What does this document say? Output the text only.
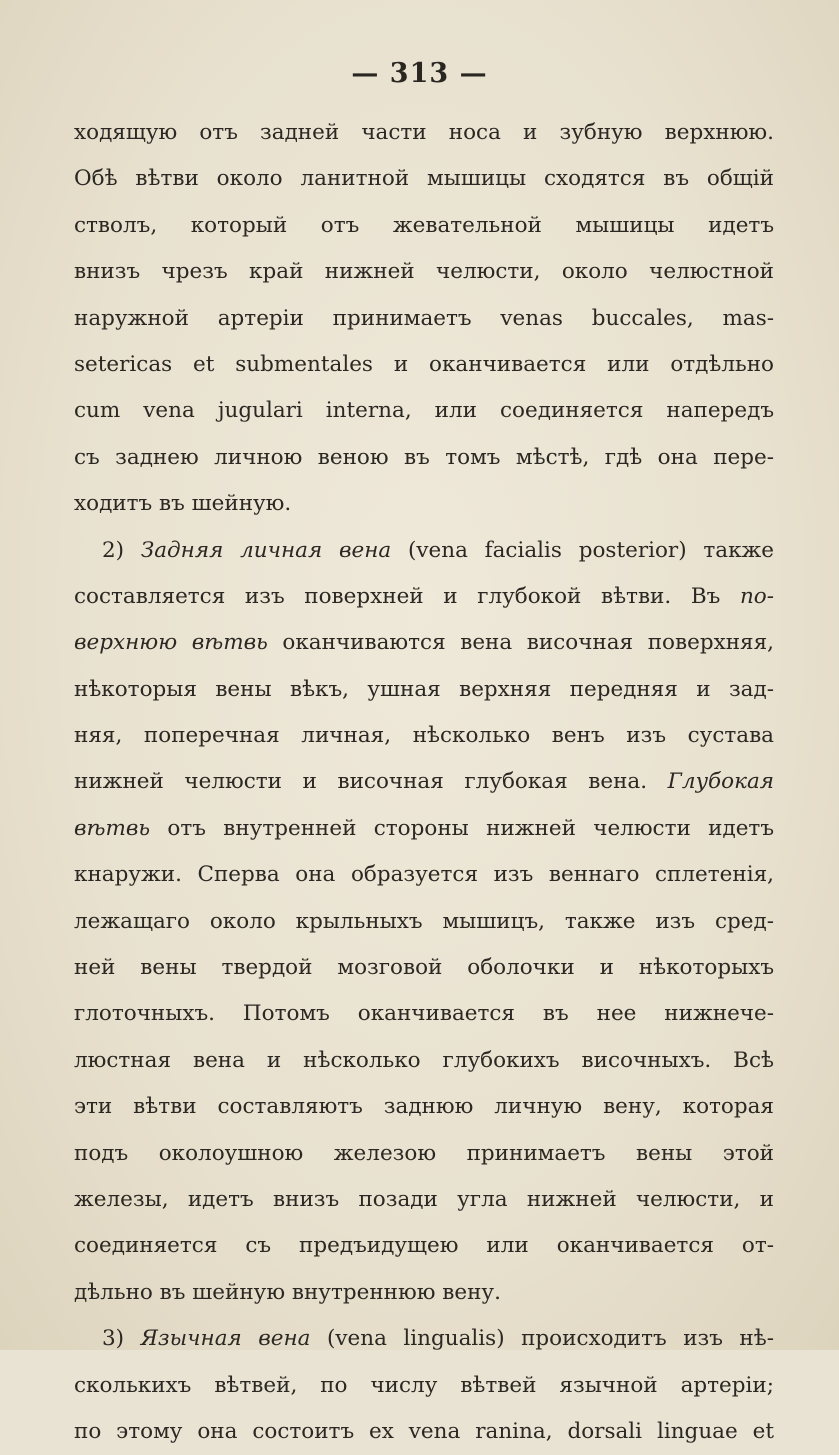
— 313 —
ходящую отъ задней части носа и зубную верхнюю.
Обѣ вѣтви около ланитной мышицы сходятся въ общій
стволъ, который отъ жевательной мышицы идетъ
внизъ чрезъ край нижней челюсти, около челюстной
наружной артеріи принимаетъ venas buccales, mas-
setericas et submentales и оканчивается или отдѣльно
cum vena jugulari interna, или соединяется напередъ
съ заднею личною веною въ томъ мѣстѣ, гдѣ она пере-
ходитъ въ шейную.
2) Задняя личная вена (vena facialis posterior) также
составляется изъ поверхней и глубокой вѣтви. Въ по-
верхнюю вѣтвь оканчиваются вена височная поверхняя,
нѣкоторыя вены вѣкъ, ушная верхняя передняя и зад-
няя, поперечная личная, нѣсколько венъ изъ сустава
нижней челюсти и височная глубокая вена. Глубокая
вѣтвь отъ внутренней стороны нижней челюсти идетъ
кнаружи. Сперва она образуется изъ веннаго сплетенія,
лежащаго около крыльныхъ мышицъ, также изъ сред-
ней вены твердой мозговой оболочки и нѣкоторыхъ
глоточныхъ. Потомъ оканчивается въ нее нижнече-
люстная вена и нѣсколько глубокихъ височныхъ. Всѣ
эти вѣтви составляютъ заднюю личную вену, которая
подъ околоушною железою принимаетъ вены этой
железы, идетъ внизъ позади угла нижней челюсти, и
соединяется съ предъидущею или оканчивается от-
дѣльно въ шейную внутреннюю вену.
3) Язычная вена (vena lingualis) происходитъ изъ нѣ-
сколькихъ вѣтвей, по числу вѣтвей язычной артеріи;
по этому она состоитъ ex vena ranina, dorsali linguae et
